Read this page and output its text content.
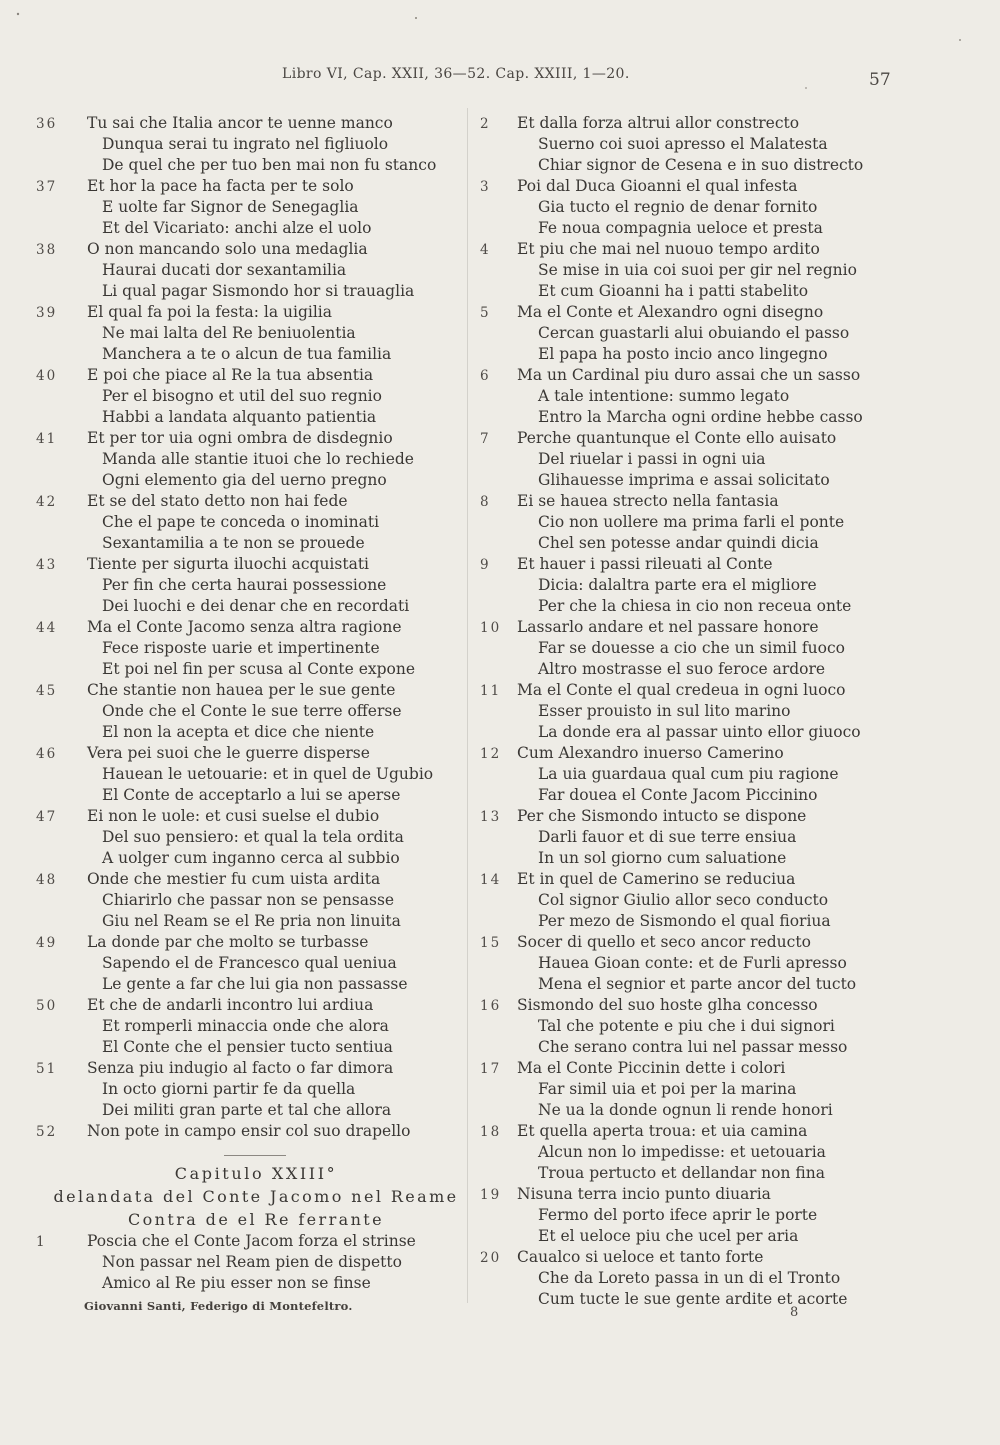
Libro VI, Cap. XXII, 36—52. Cap. XXIII, 1—20.	57
36	Tu sai che Italia ancor te uenne manco
Dunqua serai tu ingrato nel figliuolo
De quel che per tuo ben mai non fu stanco
37	Et hor la pace ha facta per te solo
E uolte far Signor de Senegaglia
Et del Vicariato: anchi alze el uolo
38	O non mancando solo una medaglia
Haurai ducati dor sexantamilia
Li qual pagar Sismondo hor si trauaglia
39	El qual fa poi la festa: la uigilia
Ne mai lalta del Re beniuolentia
Manchera a te o alcun de tua familia
40	E poi che piace al Re la tua absentia
Per el bisogno et util del suo regnio
Habbi a landata alquanto patientia
41	Et per tor uia ogni ombra de disdegnio
Manda alle stantie ituoi che lo rechiede
Ogni elemento gia del uerno pregno
42	Et se del stato detto non hai fede
Che el pape te conceda o inominati
Sexantamilia a te non se prouede
43	Tiente per sigurta iluochi acquistati
Per fin che certa haurai possessione
Dei luochi e dei denar che en recordati
44	Ma el Conte Jacomo senza altra ragione
Fece risposte uarie et impertinente
Et poi nel fin per scusa al Conte expone
45	Che stantie non hauea per le sue gente
Onde che el Conte le sue terre offerse
El non la acepta et dice che niente
46	Vera pei suoi che le guerre disperse
Hauean le uetouarie: et in quel de Ugubio
El Conte de acceptarlo a lui se aperse
47	Ei non le uole: et cusi suelse el dubio
Del suo pensiero: et qual la tela ordita
A uolger cum inganno cerca al subbio
48	Onde che mestier fu cum uista ardita
Chiarirlo che passar non se pensasse
Giu nel Ream se el Re pria non linuita
49	La donde par che molto se turbasse
Sapendo el de Francesco qual ueniua
Le gente a far che lui gia non passasse
50	Et che de andarli incontro lui ardiua
Et romperli minaccia onde che alora
El Conte che el pensier tucto sentiua
51	Senza piu indugio al facto o far dimora
In octo giorni partir fe da quella
Dei militi gran parte et tal che allora
52	Non pote in campo ensir col suo drapello
Capitulo XXIII°
delandata del Conte Jacomo nel Reame
Contra de el Re ferrante
1	Poscia che el Conte Jacom forza el strinse
Non passar nel Ream pien de dispetto
Amico al Re piu esser non se finse
Giovanni Santi, Federigo di Montefeltro.
2	Et dalla forza altrui allor constrecto
Suerno coi suoi apresso el Malatesta
Chiar signor de Cesena e in suo distrecto
3	Poi dal Duca Gioanni el qual infesta
Gia tucto el regnio de denar fornito
Fe noua compagnia ueloce et presta
4	Et piu che mai nel nuouo tempo ardito
Se mise in uia coi suoi per gir nel regnio
Et cum Gioanni ha i patti stabelito
5	Ma el Conte et Alexandro ogni disegno
Cercan guastarli alui obuiando el passo
El papa ha posto incio anco lingegno
6	Ma un Cardinal piu duro assai che un sasso
A tale intentione: summo legato
Entro la Marcha ogni ordine hebbe casso
7	Perche quantunque el Conte ello auisato
Del riuelar i passi in ogni uia
Glihauesse imprima e assai solicitato
8	Ei se hauea strecto nella fantasia
Cio non uollere ma prima farli el ponte
Chel sen potesse andar quindi dicia
9	Et hauer i passi rileuati al Conte
Dicia: dalaltra parte era el migliore
Per che la chiesa in cio non receua onte
10	Lassarlo andare et nel passare honore
Far se douesse a cio che un simil fuoco
Altro mostrasse el suo feroce ardore
11	Ma el Conte el qual credeua in ogni luoco
Esser prouisto in sul lito marino
La donde era al passar uinto ellor giuoco
12	Cum Alexandro inuerso Camerino
La uia guardaua qual cum piu ragione
Far douea el Conte Jacom Piccinino
13	Per che Sismondo intucto se dispone
Darli fauor et di sue terre ensiua
In un sol giorno cum saluatione
14	Et in quel de Camerino se reduciua
Col signor Giulio allor seco conducto
Per mezo de Sismondo el qual fioriua
15	Socer di quello et seco ancor reducto
Hauea Gioan conte: et de Furli apresso
Mena el segnior et parte ancor del tucto
16	Sismondo del suo hoste glha concesso
Tal che potente e piu che i dui signori
Che serano contra lui nel passar messo
17	Ma el Conte Piccinin dette i colori
Far simil uia et poi per la marina
Ne ua la donde ognun li rende honori
18	Et quella aperta troua: et uia camina
Alcun non lo impedisse: et uetouaria
Troua pertucto et dellandar non fina
19	Nisuna terra incio punto diuaria
Fermo del porto ifece aprir le porte
Et el ueloce piu che ucel per aria
20	Caualco si ueloce et tanto forte
Che da Loreto passa in un di el Tronto
Cum tucte le sue gente ardite et acorte
8
